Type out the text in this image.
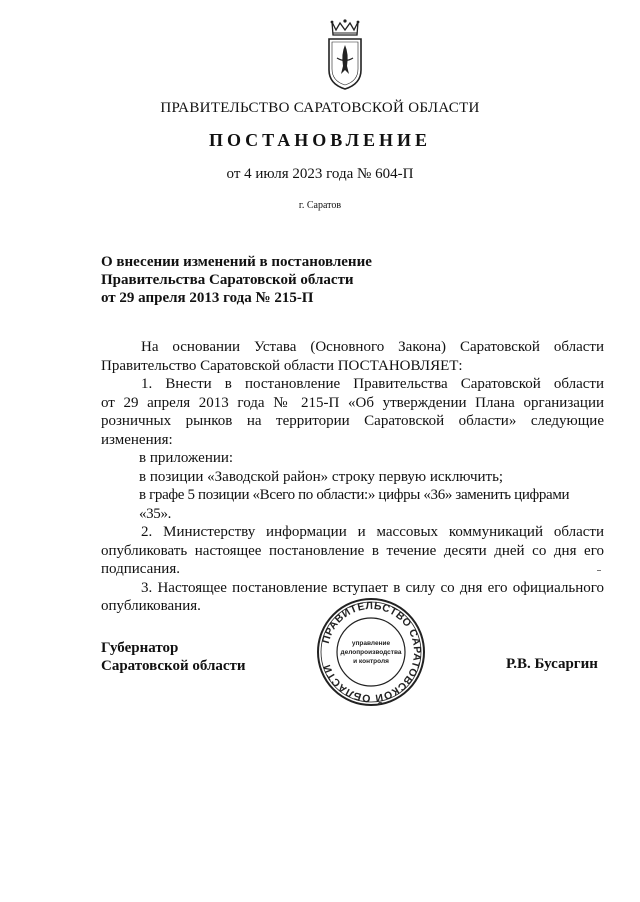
ПРАВИТЕЛЬСТВО САРАТОВСКОЙ ОБЛАСТИ
ПОСТАНОВЛЕНИЕ
от 4 июля 2023 года № 604-П
г. Саратов
О внесении изменений в постановление
Правительства Саратовской области
от 29 апреля 2013 года № 215-П

На основании Устава (Основного Закона) Саратовской области

Правительство Саратовской области ПОСТАНОВЛЯЕТ:

1. Внести в постановление Правительства Саратовской области

от 29 апреля 2013 года № 215-П «Об утверждении Плана организации

розничных рынков на территории Саратовской области» следующие

изменения:

в приложении:

в позиции «Заводской район» строку первую исключить;

в графе 5 позиции «Всего по области:» цифры «36» заменить цифрами «35».

2. Министерству информации и массовых коммуникаций области

опубликовать настоящее постановление в течение десяти дней со дня его

подписания.

3. Настоящее постановление вступает в силу со дня его официального

опубликования.

Губернатор
Саратовской области	Р.В. Бусаргин
ПРАВИТЕЛЬСТВО САРАТОВСКОЙ ОБЛАСТИ
управление
делопроизводства
и контроля
